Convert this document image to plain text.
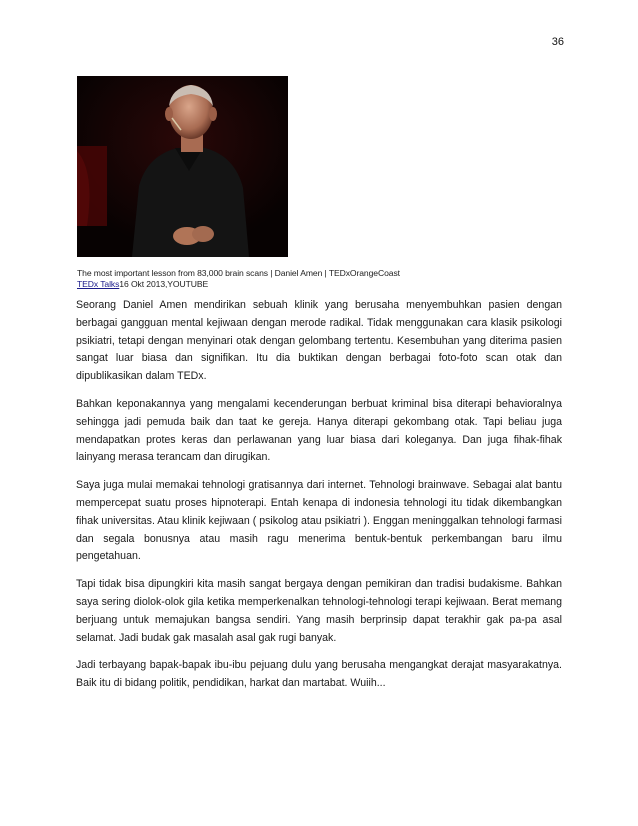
36
The most important lesson from 83,000 brain scans | Daniel Amen | TEDxOrangeCoast
TEDx Talks16 Okt 2013,YOUTUBE

Seorang Daniel Amen mendirikan sebuah klinik yang berusaha menyembuhkan pasien dengan berbagai gangguan mental kejiwaan dengan merode radikal. Tidak menggunakan cara klasik psikologi psikiatri, tetapi dengan menyinari otak dengan gelombang tertentu. Kesembuhan yang diterima pasien sangat luar biasa dan signifikan. Itu dia buktikan dengan berbagai foto-foto scan otak dan dipublikasikan dalam TEDx.

Bahkan keponakannya yang mengalami kecenderungan berbuat kriminal bisa diterapi behavioralnya sehingga jadi pemuda baik dan taat ke gereja. Hanya diterapi gekombang otak. Tapi beliau juga mendapatkan protes keras dan perlawanan yang luar biasa dari koleganya. Dan juga fihak-fihak lainyang merasa terancam dan dirugikan.

Saya juga mulai memakai tehnologi gratisannya dari internet. Tehnologi brainwave. Sebagai alat bantu mempercepat suatu proses hipnoterapi. Entah kenapa di indonesia tehnologi itu tidak dikembangkan fihak universitas. Atau klinik kejiwaan ( psikolog atau psikiatri ). Enggan meninggalkan tehnologi farmasi dan segala bonusnya atau masih ragu menerima bentuk-bentuk perkembangan baru ilmu pengetahuan.

Tapi tidak bisa dipungkiri kita masih sangat bergaya dengan pemikiran dan tradisi budakisme. Bahkan saya sering diolok-olok gila ketika memperkenalkan tehnologi-tehnologi terapi kejiwaan. Berat memang berjuang untuk memajukan bangsa sendiri. Yang masih berprinsip dapat terakhir gak pa-pa asal selamat. Jadi budak gak masalah asal gak rugi banyak.

Jadi terbayang bapak-bapak ibu-ibu pejuang dulu yang berusaha mengangkat derajat masyarakatnya. Baik itu di bidang politik, pendidikan, harkat dan martabat. Wuiih...
